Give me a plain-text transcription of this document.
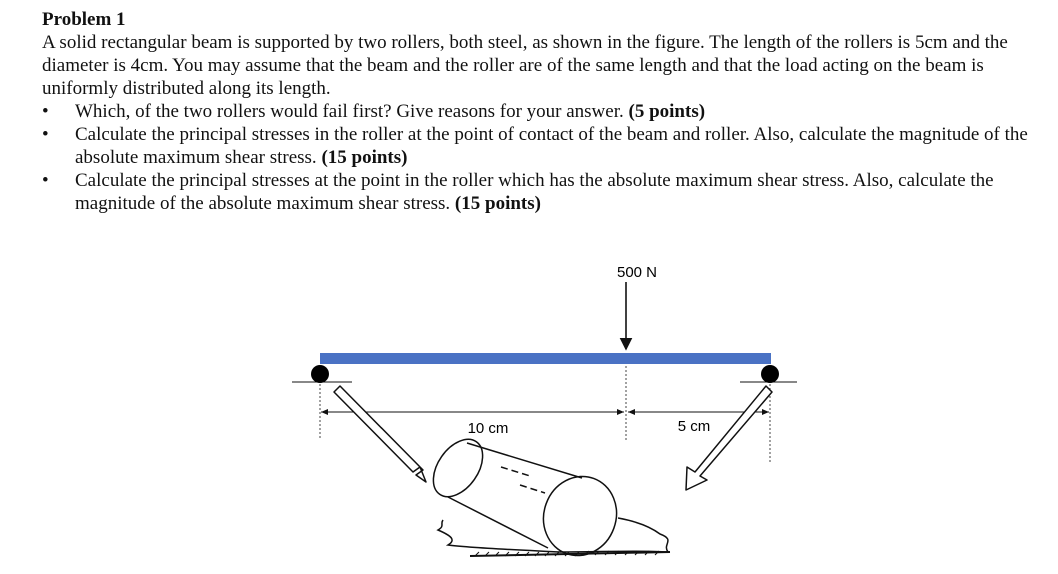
Problem 1

A solid rectangular beam is supported by two rollers, both steel, as shown in the figure. The length of the rollers is 5cm and the diameter is 4cm. You may assume that the beam and the roller are of the same length and that the load acting on the beam is uniformly distributed along its length.

• Which, of the two rollers would fail first? Give reasons for your answer. (5 points)
• Calculate the principal stresses in the roller at the point of contact of the beam and roller. Also, calculate the magnitude of the absolute maximum shear stress. (15 points)
• Calculate the principal stresses at the point in the roller which has the absolute maximum shear stress. Also, calculate the magnitude of the absolute maximum shear stress. (15 points)
500 N
10 cm	5 cm
